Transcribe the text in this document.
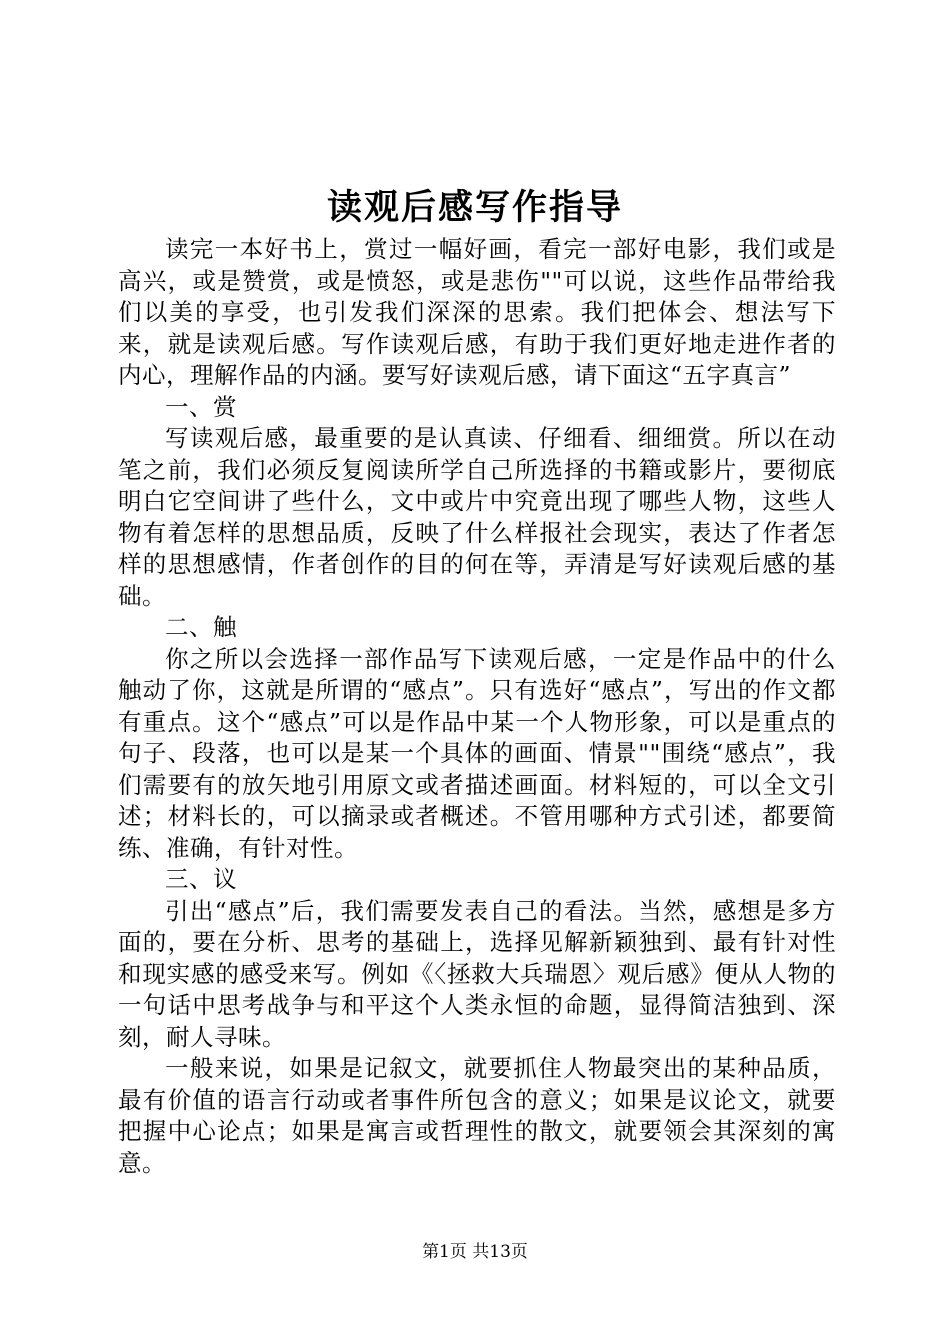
读观后感写作指导

读完一本好书上，赏过一幅好画，看完一部好电影，我们或是高兴，或是赞赏，或是愤怒，或是悲伤""可以说，这些作品带给我们以美的享受，也引发我们深深的思索。我们把体会、想法写下来，就是读观后感。写作读观后感，有助于我们更好地走进作者的内心，理解作品的内涵。要写好读观后感，请下面这“五字真言”

一、赏

写读观后感，最重要的是认真读、仔细看、细细赏。所以在动笔之前，我们必须反复阅读所学自己所选择的书籍或影片，要彻底明白它空间讲了些什么，文中或片中究竟出现了哪些人物，这些人物有着怎样的思想品质，反映了什么样报社会现实，表达了作者怎样的思想感情，作者创作的目的何在等，弄清是写好读观后感的基础。

二、触

你之所以会选择一部作品写下读观后感，一定是作品中的什么触动了你，这就是所谓的“感点”。只有选好“感点”，写出的作文都有重点。这个“感点”可以是作品中某一个人物形象，可以是重点的句子、段落，也可以是某一个具体的画面、情景""围绕“感点”，我们需要有的放矢地引用原文或者描述画面。材料短的，可以全文引述；材料长的，可以摘录或者概述。不管用哪种方式引述，都要简练、准确，有针对性。

三、议

引出“感点”后，我们需要发表自己的看法。当然，感想是多方面的，要在分析、思考的基础上，选择见解新颖独到、最有针对性和现实感的感受来写。例如《〈拯救大兵瑞恩〉观后感》便从人物的一句话中思考战争与和平这个人类永恒的命题，显得简洁独到、深刻，耐人寻味。

一般来说，如果是记叙文，就要抓住人物最突出的某种品质，最有价值的语言行动或者事件所包含的意义；如果是议论文，就要把握中心论点；如果是寓言或哲理性的散文，就要领会其深刻的寓意。

第1页 共13页
